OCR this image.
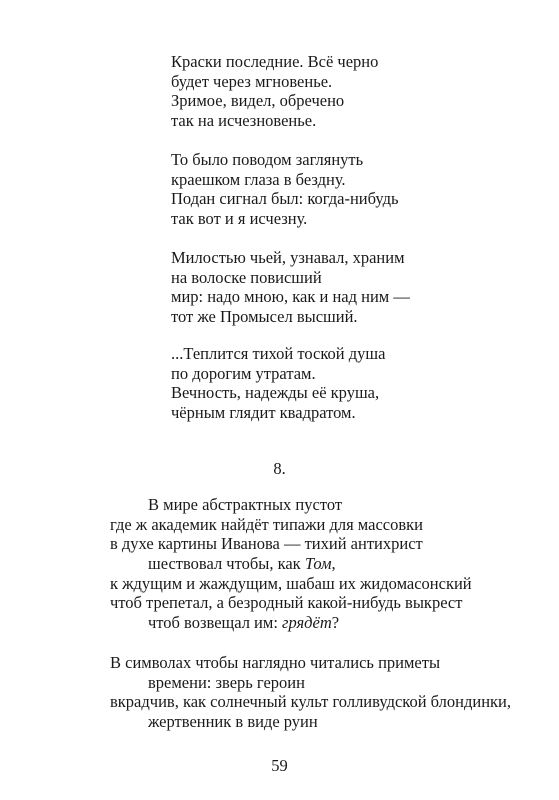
Краски последние. Всё черно
будет через мгновенье.
Зримое, видел, обречено
так на исчезновенье.
То было поводом заглянуть
краешком глаза в бездну.
Подан сигнал был: когда-нибудь
так вот и я исчезну.
Милостью чьей, узнавал, храним
на волоске повисший
мир: надо мною, как и над ним —
тот же Промысел высший.
...Теплится тихой тоской душа
по дорогим утратам.
Вечность, надежды её круша,
чёрным глядит квадратом.
8.
В мире абстрактных пустот
где ж академик найдёт типажи для массовки
в духе картины Иванова — тихий антихрист
шествовал чтобы, как Том,
к ждущим и жаждущим, шабаш их жидомасонский
чтоб трепетал, а безродный какой-нибудь выкрест
чтоб возвещал им: грядёт?
В символах чтобы наглядно читались приметы
времени: зверь героин
вкрадчив, как солнечный культ голливудской блондинки,
жертвенник в виде руин
59
